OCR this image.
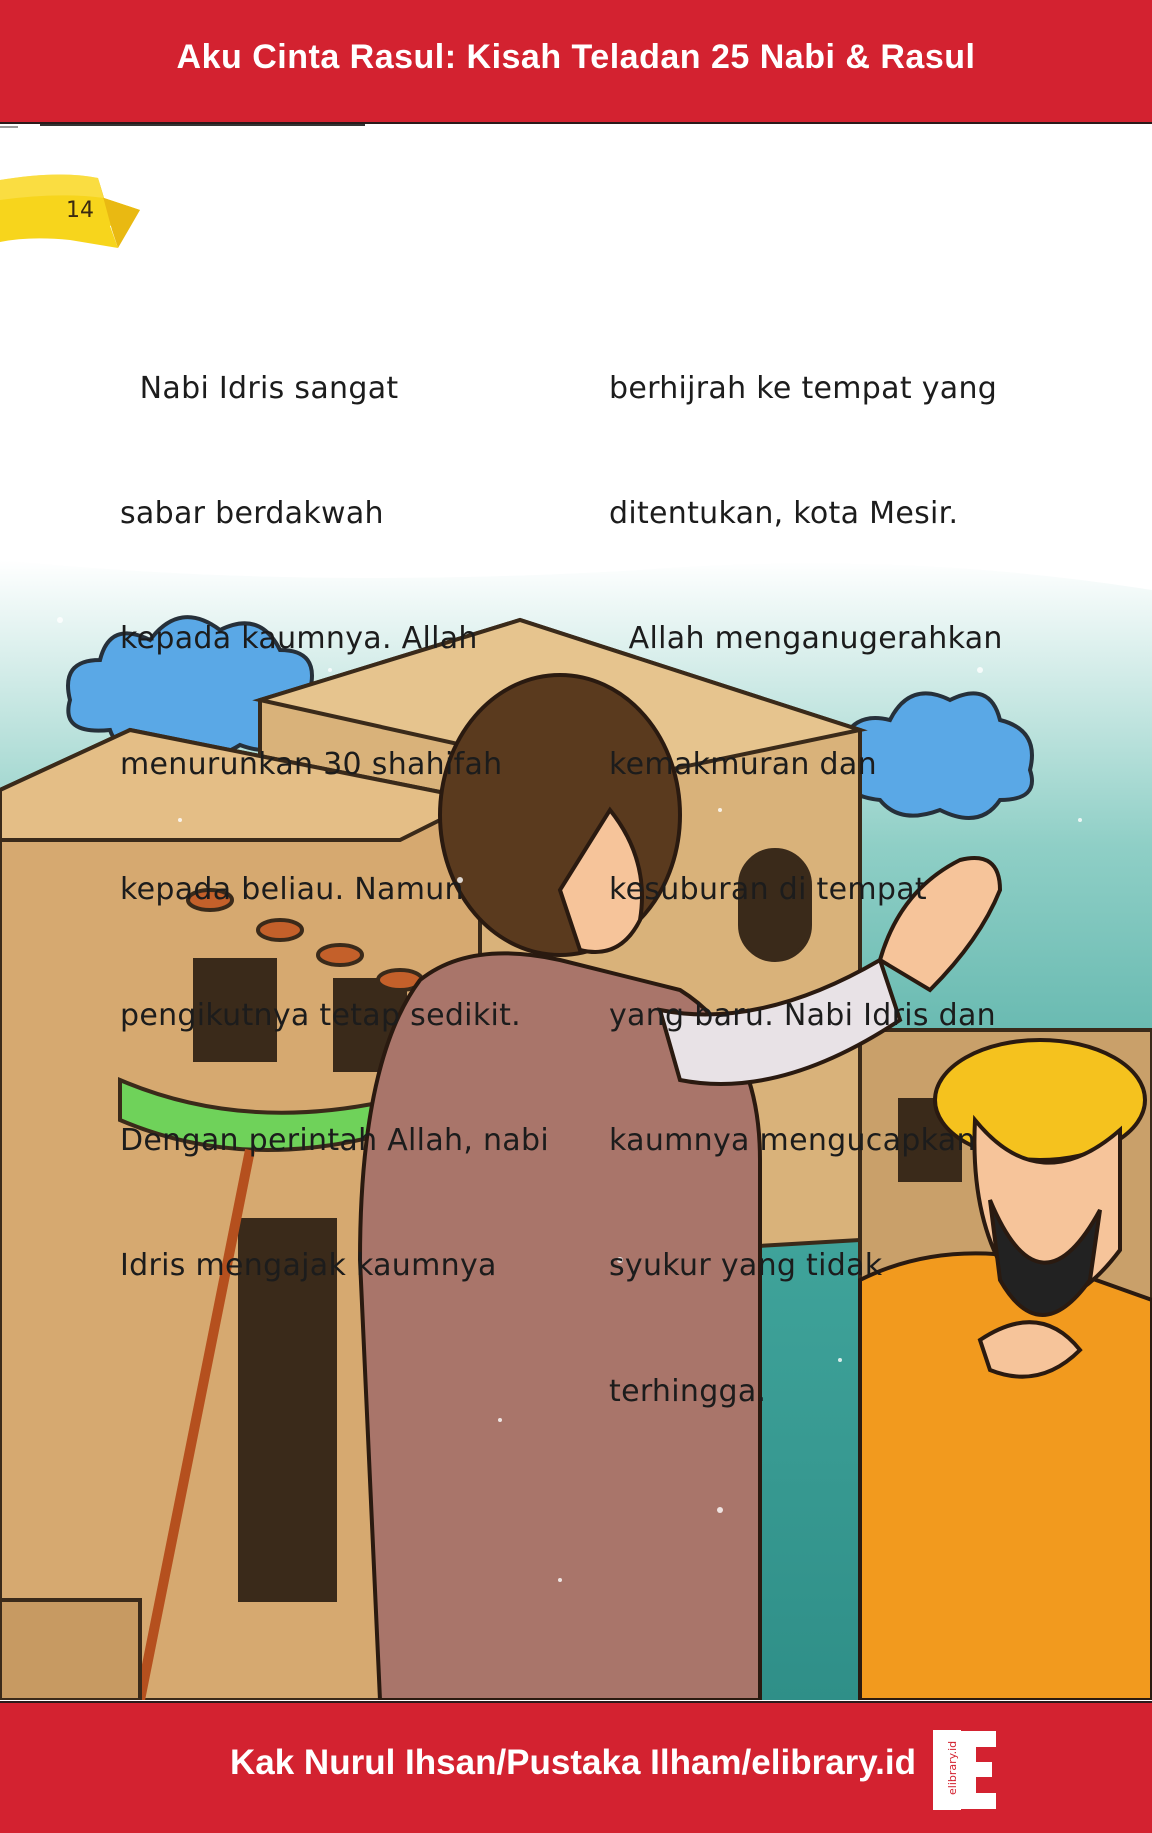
Aku Cinta Rasul: Kisah Teladan 25 Nabi & Rasul
14

Nabi Idris sangat

sabar berdakwah

kepada kaumnya. Allah

menurunkan 30 shahifah

kepada beliau. Namun

pengikutnya tetap sedikit.

Dengan perintah Allah, nabi

Idris mengajak kaumnya

berhijrah ke tempat yang

ditentukan, kota Mesir.

Allah menganugerahkan

kemakmuran dan

kesuburan di tempat

yang baru. Nabi Idris dan

kaumnya mengucapkan

syukur yang tidak

terhingga.

Kak Nurul Ihsan/Pustaka Ilham/elibrary.id	elibrary.id
